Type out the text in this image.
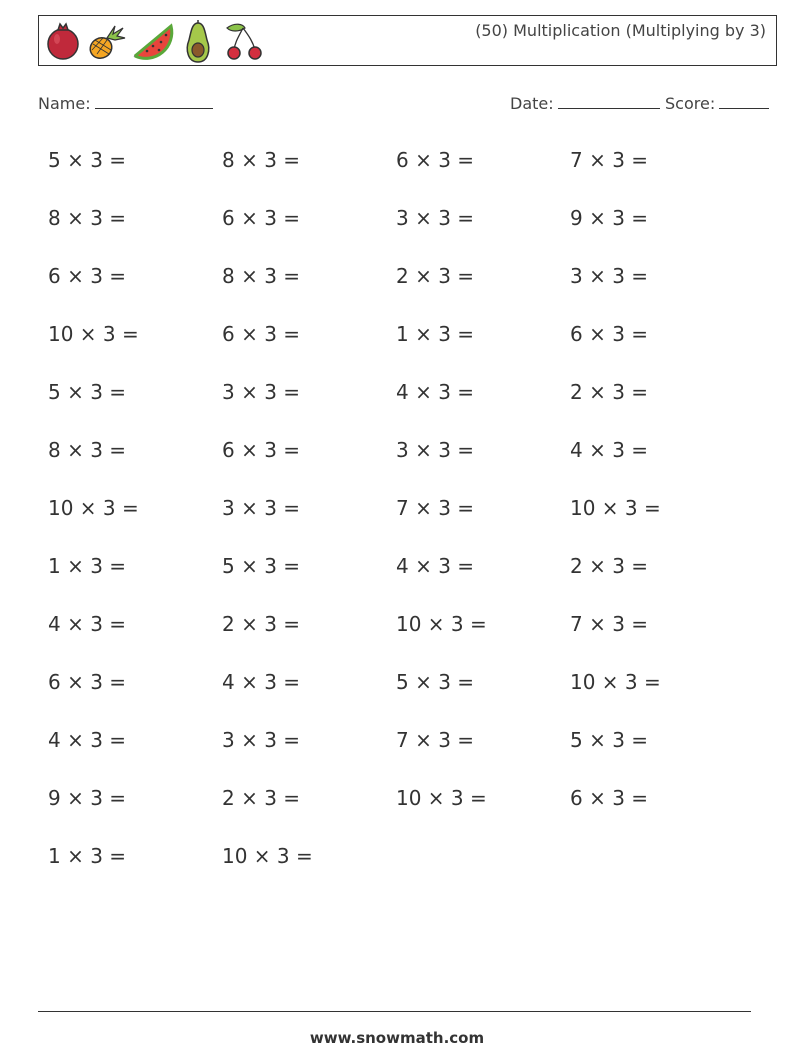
(50) Multiplication (Multiplying by 3)
Name:	Date:	Score:
5 × 3 =	8 × 3 =	6 × 3 =	7 × 3 =
8 × 3 =	6 × 3 =	3 × 3 =	9 × 3 =
6 × 3 =	8 × 3 =	2 × 3 =	3 × 3 =
10 × 3 =	6 × 3 =	1 × 3 =	6 × 3 =
5 × 3 =	3 × 3 =	4 × 3 =	2 × 3 =
8 × 3 =	6 × 3 =	3 × 3 =	4 × 3 =
10 × 3 =	3 × 3 =	7 × 3 =	10 × 3 =
1 × 3 =	5 × 3 =	4 × 3 =	2 × 3 =
4 × 3 =	2 × 3 =	10 × 3 =	7 × 3 =
6 × 3 =	4 × 3 =	5 × 3 =	10 × 3 =
4 × 3 =	3 × 3 =	7 × 3 =	5 × 3 =
9 × 3 =	2 × 3 =	10 × 3 =	6 × 3 =
1 × 3 =	10 × 3 =
www.snowmath.com
